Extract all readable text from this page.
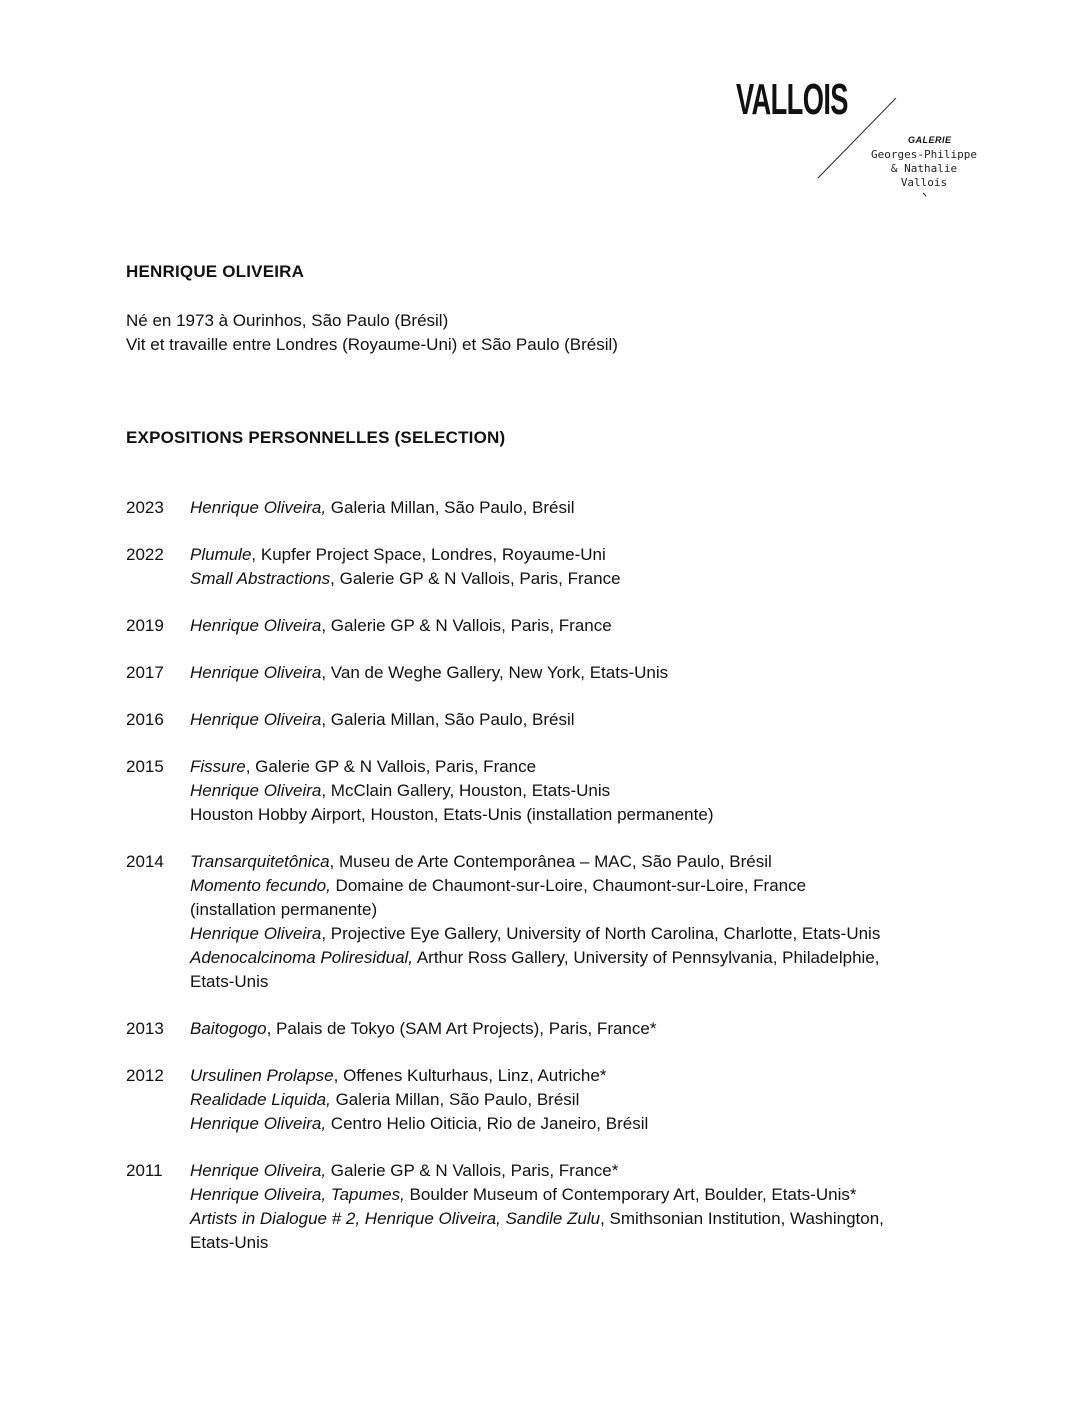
VALLOIS
GALERIE
Georges-Philippe
& Nathalie
Vallois
HENRIQUE OLIVEIRA
Né en 1973 à Ourinhos, São Paulo (Brésil)
Vit et travaille entre Londres (Royaume-Uni) et São Paulo (Brésil)
EXPOSITIONS PERSONNELLES (SELECTION)
2023	Henrique Oliveira, Galeria Millan, São Paulo, Brésil
2022	Plumule, Kupfer Project Space, Londres, Royaume-Uni
Small Abstractions, Galerie GP & N Vallois, Paris, France
2019	Henrique Oliveira, Galerie GP & N Vallois, Paris, France
2017	Henrique Oliveira, Van de Weghe Gallery, New York, Etats-Unis
2016	Henrique Oliveira, Galeria Millan, São Paulo, Brésil
2015	Fissure, Galerie GP & N Vallois, Paris, France
Henrique Oliveira, McClain Gallery, Houston, Etats-Unis
Houston Hobby Airport, Houston, Etats-Unis (installation permanente)
2014	Transarquitetônica, Museu de Arte Contemporânea – MAC, São Paulo, Brésil
Momento fecundo, Domaine de Chaumont-sur-Loire, Chaumont-sur-Loire, France
(installation permanente)
Henrique Oliveira, Projective Eye Gallery, University of North Carolina, Charlotte, Etats-Unis
Adenocalcinoma Poliresidual, Arthur Ross Gallery, University of Pennsylvania, Philadelphie,
Etats-Unis
2013	Baitogogo, Palais de Tokyo (SAM Art Projects), Paris, France*
2012	Ursulinen Prolapse, Offenes Kulturhaus, Linz, Autriche*
Realidade Liquida, Galeria Millan, São Paulo, Brésil
Henrique Oliveira, Centro Helio Oiticia, Rio de Janeiro, Brésil
2011	Henrique Oliveira, Galerie GP & N Vallois, Paris, France*
Henrique Oliveira, Tapumes, Boulder Museum of Contemporary Art, Boulder, Etats-Unis*
Artists in Dialogue # 2, Henrique Oliveira, Sandile Zulu, Smithsonian Institution, Washington,
Etats-Unis
